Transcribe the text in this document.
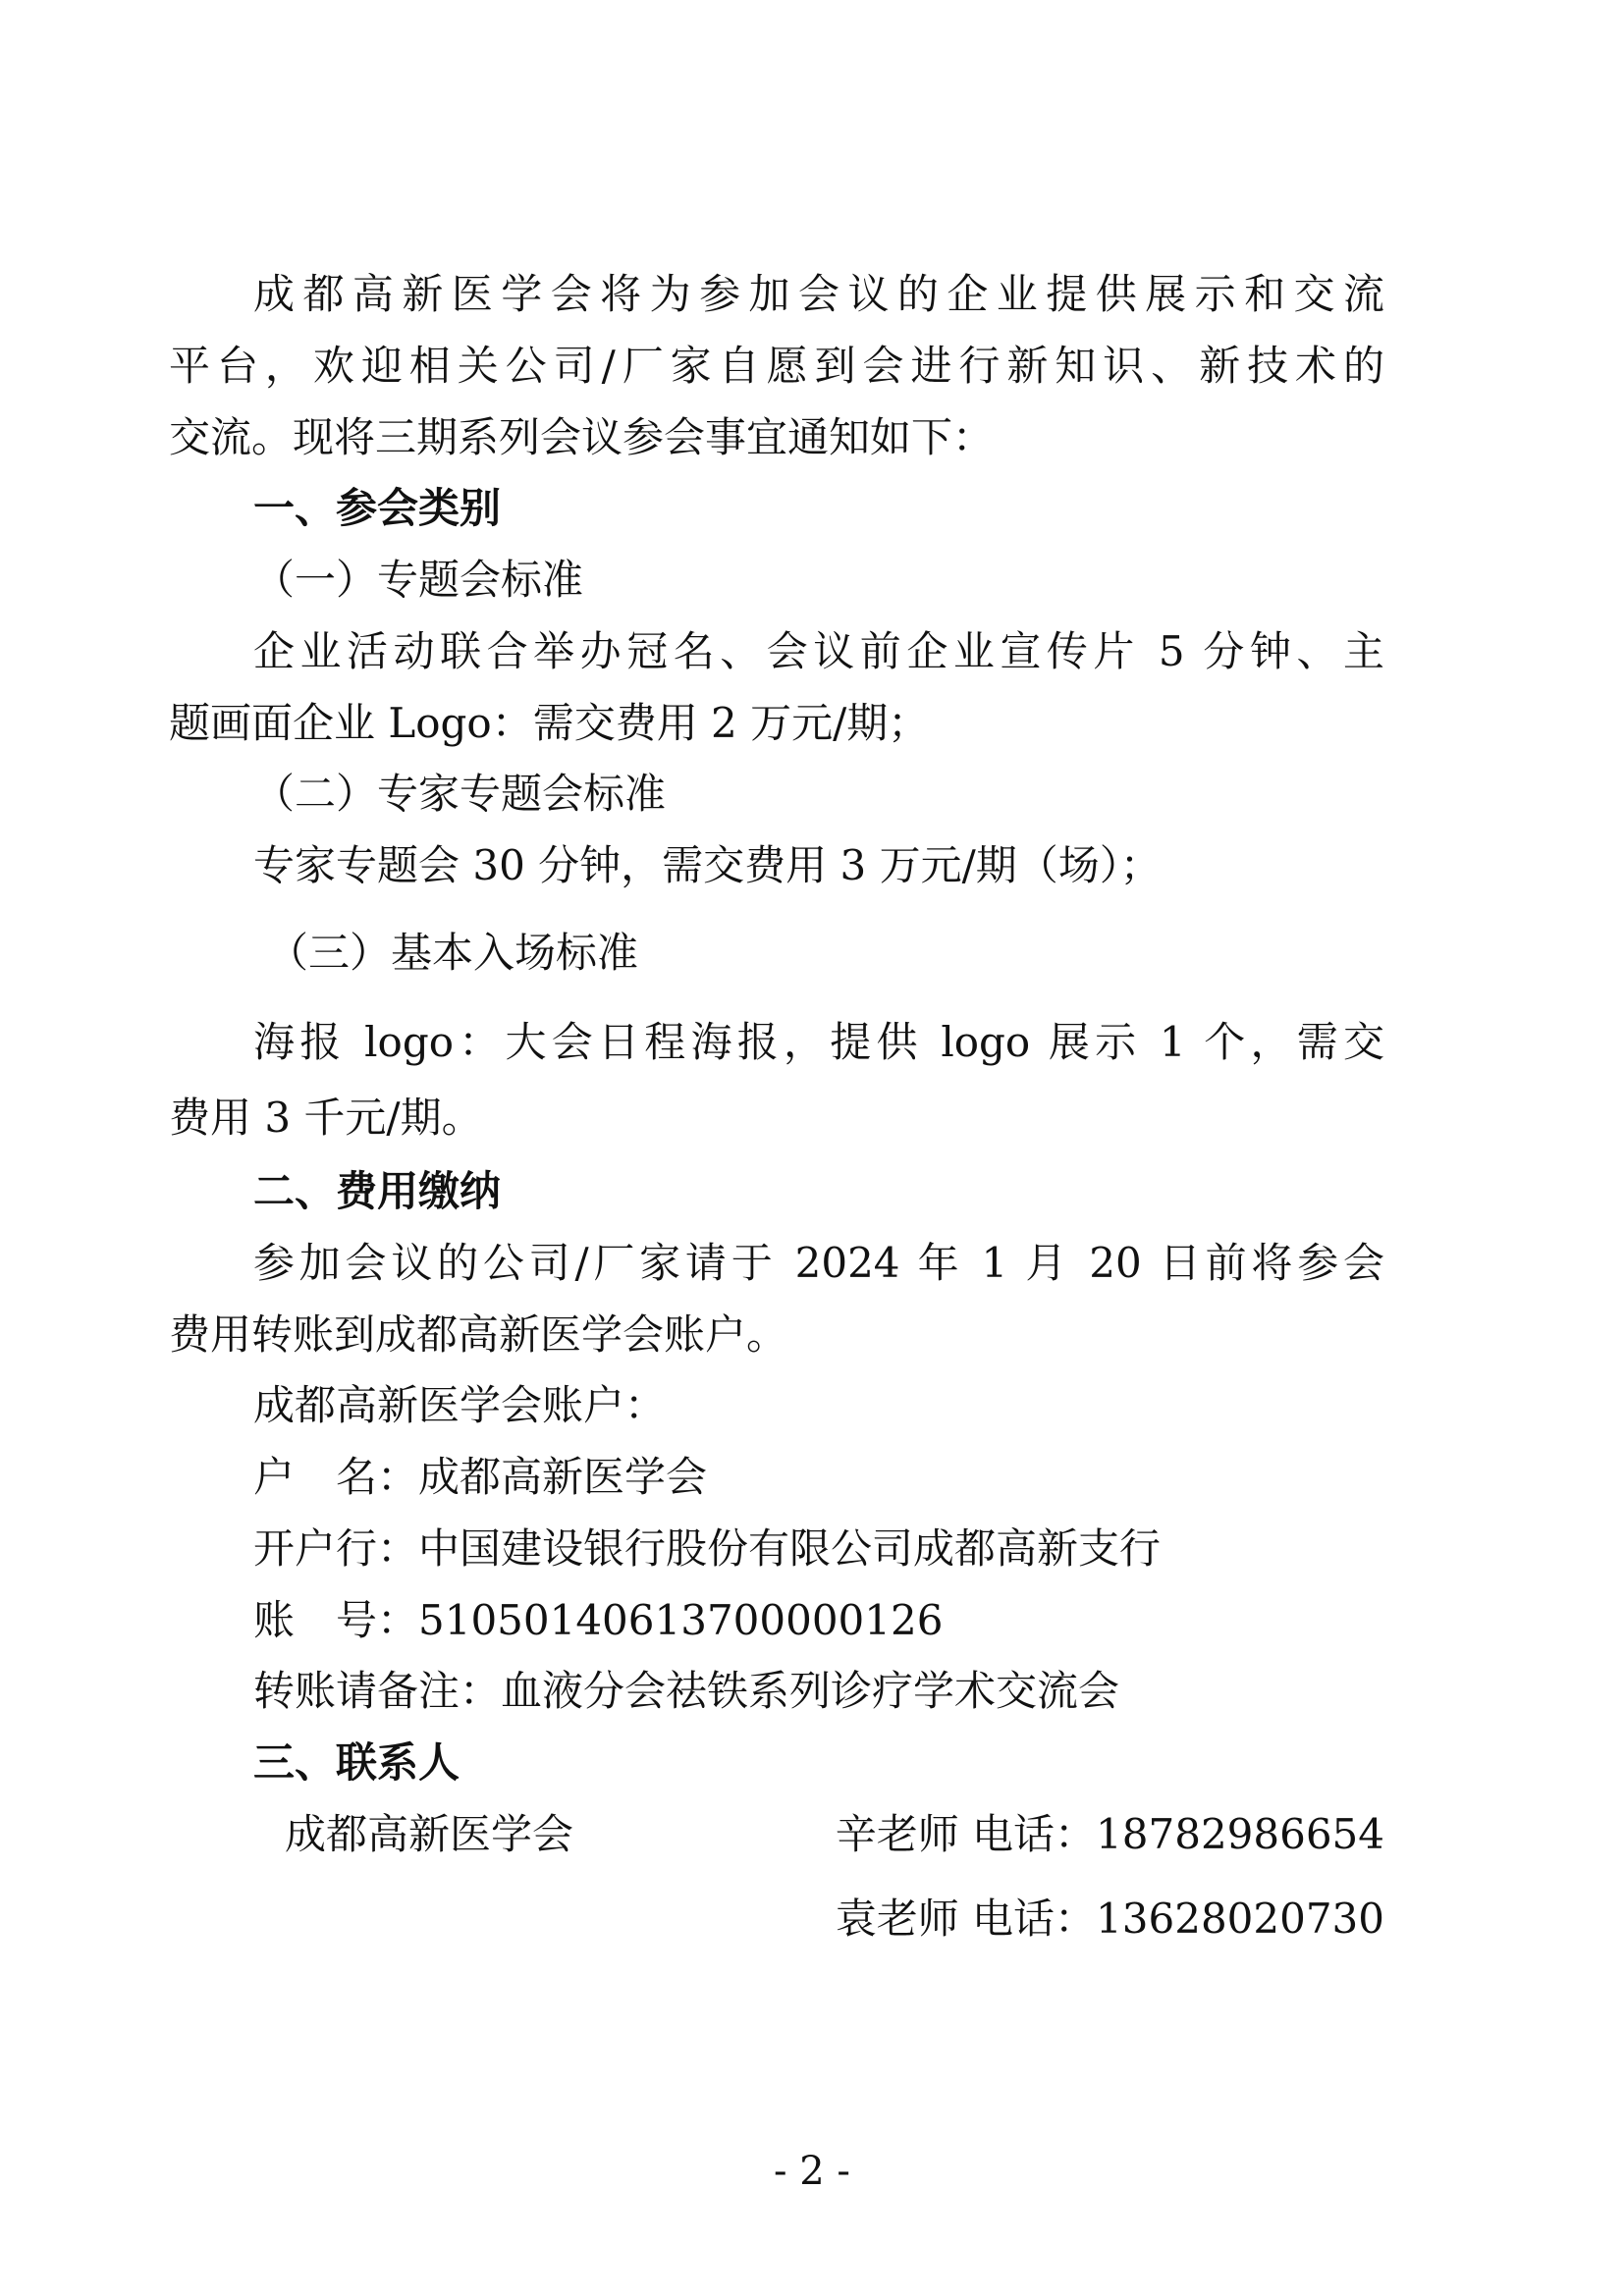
成都高新医学会将为参加会议的企业提供展示和交流

平台，欢迎相关公司/厂家自愿到会进行新知识、新技术的

交流。现将三期系列会议参会事宜通知如下：

一、参会类别

（一）专题会标准

企业活动联合举办冠名、会议前企业宣传片 5 分钟、主

题画面企业 Logo：需交费用 2 万元/期；

（二）专家专题会标准

专家专题会 30 分钟，需交费用 3 万元/期（场）；

（三）基本入场标准

海报 logo：大会日程海报，提供 logo 展示 1 个，需交

费用 3 千元/期。

二、费用缴纳

参加会议的公司/厂家请于 2024 年 1 月 20 日前将参会

费用转账到成都高新医学会账户。

成都高新医学会账户：

户　名：成都高新医学会

开户行：中国建设银行股份有限公司成都高新支行

账　号：51050140613700000126

转账请备注：血液分会祛铁系列诊疗学术交流会

三、联系人

成都高新医学会	辛老师 电话：18782986654

袁老师 电话：13628020730

- 2 -
